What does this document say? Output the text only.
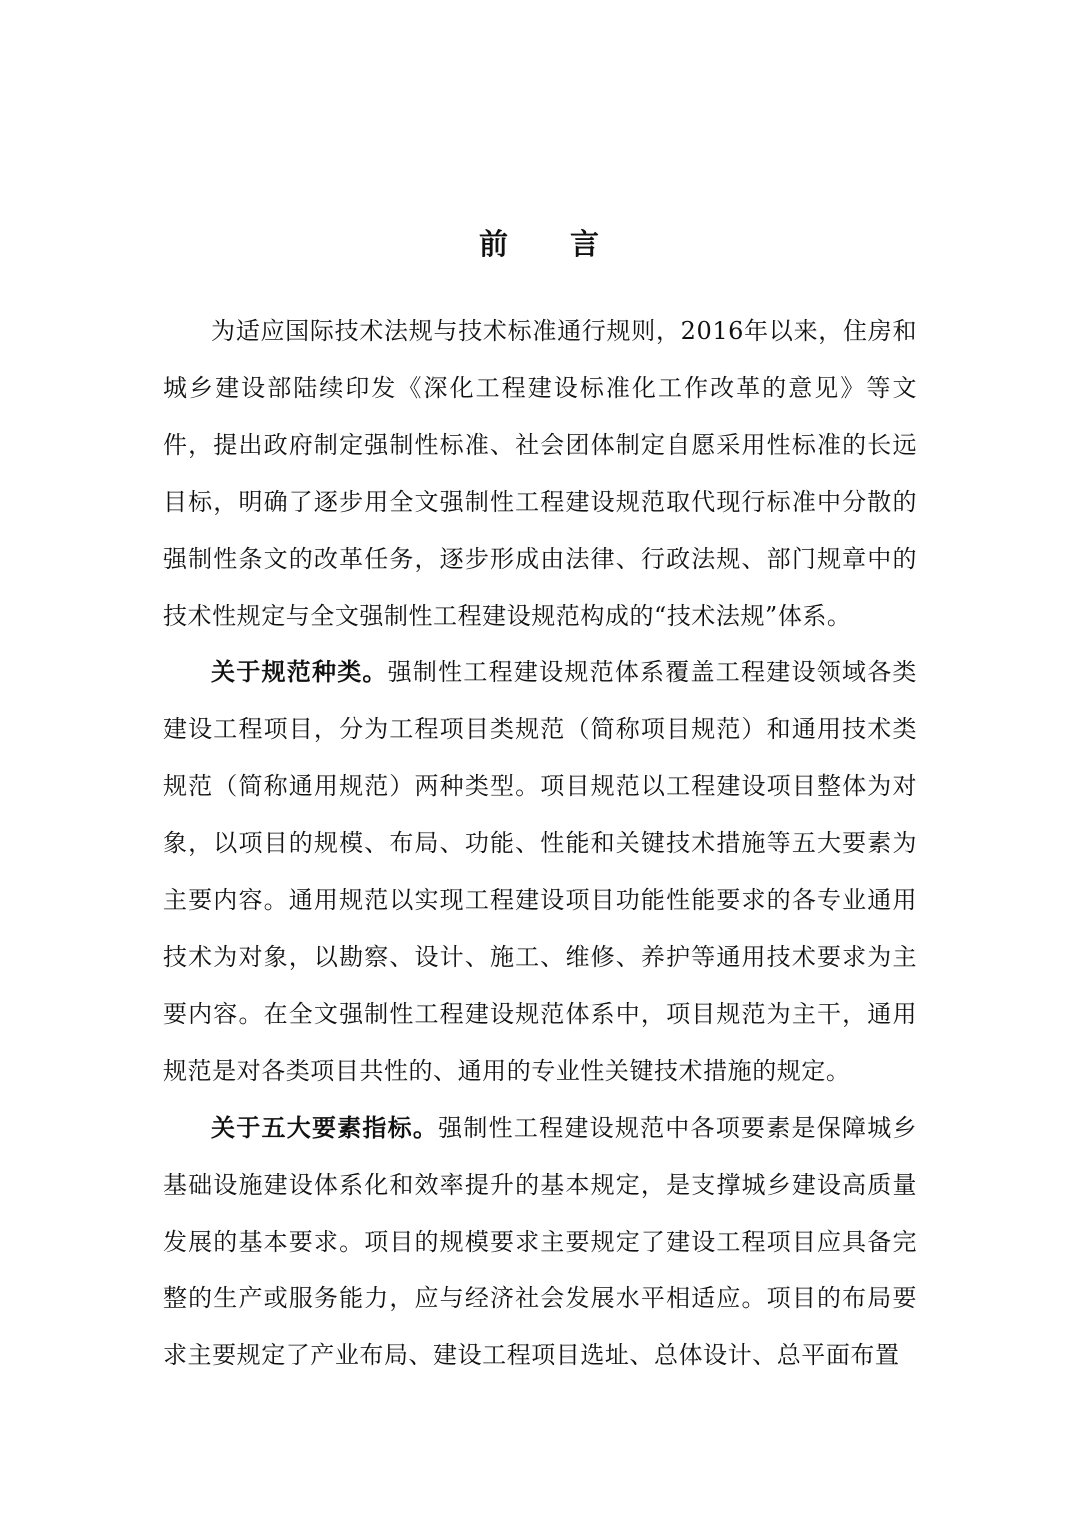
前 言

为适应国际技术法规与技术标准通行规则，2016年以来，住房和城乡建设部陆续印发《深化工程建设标准化工作改革的意见》等文件，提出政府制定强制性标准、社会团体制定自愿采用性标准的长远目标，明确了逐步用全文强制性工程建设规范取代现行标准中分散的强制性条文的改革任务，逐步形成由法律、行政法规、部门规章中的技术性规定与全文强制性工程建设规范构成的“技术法规”体系。

关于规范种类。强制性工程建设规范体系覆盖工程建设领域各类建设工程项目，分为工程项目类规范（简称项目规范）和通用技术类规范（简称通用规范）两种类型。项目规范以工程建设项目整体为对象，以项目的规模、布局、功能、性能和关键技术措施等五大要素为主要内容。通用规范以实现工程建设项目功能性能要求的各专业通用技术为对象，以勘察、设计、施工、维修、养护等通用技术要求为主要内容。在全文强制性工程建设规范体系中，项目规范为主干，通用规范是对各类项目共性的、通用的专业性关键技术措施的规定。

关于五大要素指标。强制性工程建设规范中各项要素是保障城乡基础设施建设体系化和效率提升的基本规定，是支撑城乡建设高质量发展的基本要求。项目的规模要求主要规定了建设工程项目应具备完整的生产或服务能力，应与经济社会发展水平相适应。项目的布局要求主要规定了产业布局、建设工程项目选址、总体设计、总平面布置
